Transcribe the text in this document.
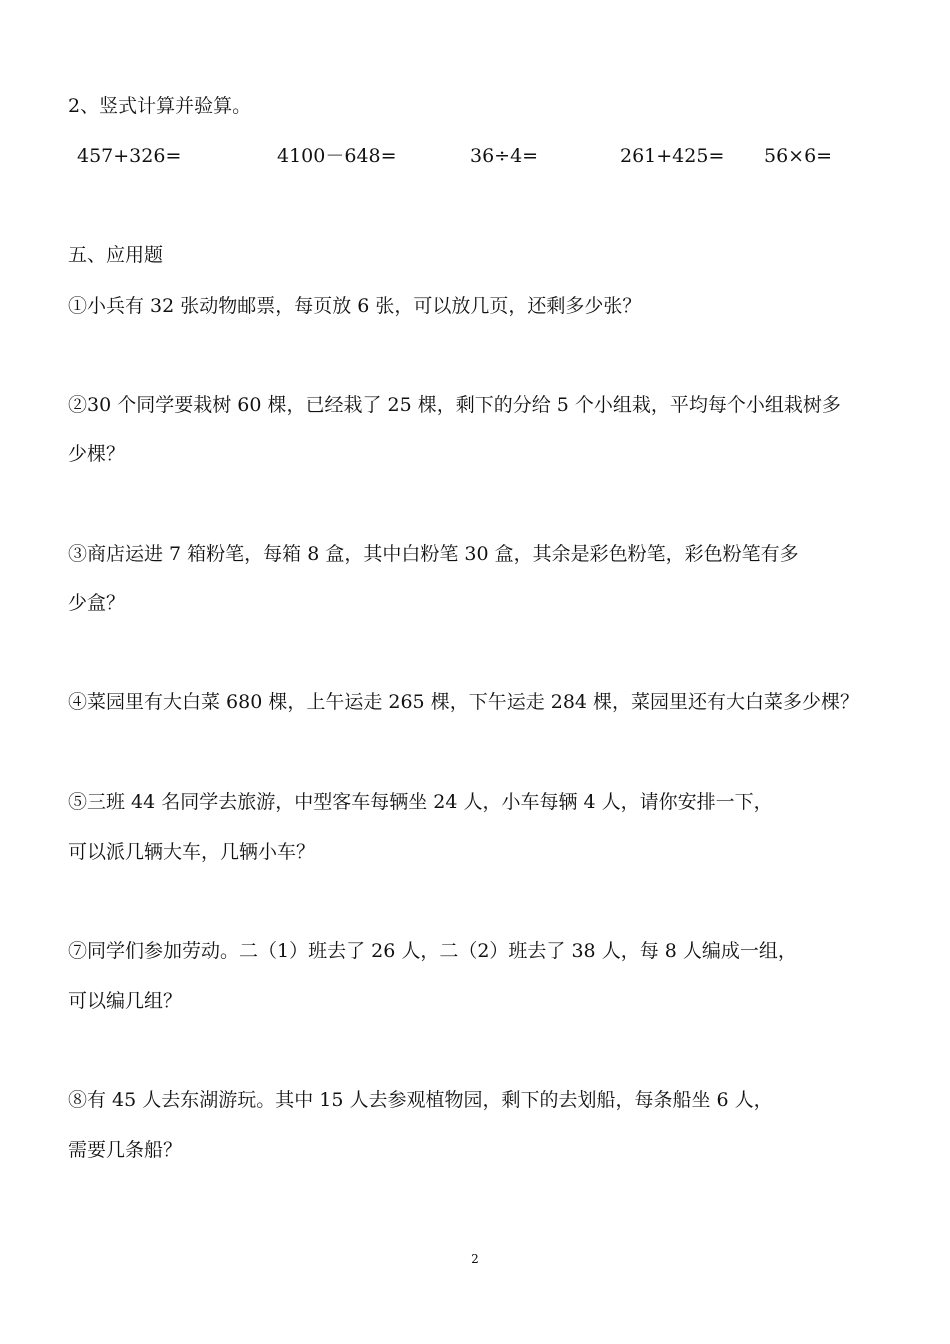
2、竖式计算并验算。
457+326=	4100－648=	36÷4=	261+425= 56×6=
五、应用题
①小兵有 32 张动物邮票，每页放 6 张，可以放几页，还剩多少张？
②30 个同学要栽树 60 棵，已经栽了 25 棵，剩下的分给 5 个小组栽，平均每个小组栽树多
少棵？
③商店运进 7 箱粉笔，每箱 8 盒，其中白粉笔 30 盒，其余是彩色粉笔，彩色粉笔有多
少盒？
④菜园里有大白菜 680 棵，上午运走 265 棵，下午运走 284 棵，菜园里还有大白菜多少棵？
⑤三班 44 名同学去旅游，中型客车每辆坐 24 人，小车每辆 4 人，请你安排一下，
可以派几辆大车，几辆小车？
⑦同学们参加劳动。二（1）班去了 26 人，二（2）班去了 38 人，每 8 人编成一组，
可以编几组？
⑧有 45 人去东湖游玩。其中 15 人去参观植物园，剩下的去划船，每条船坐 6 人，
需要几条船？
2
